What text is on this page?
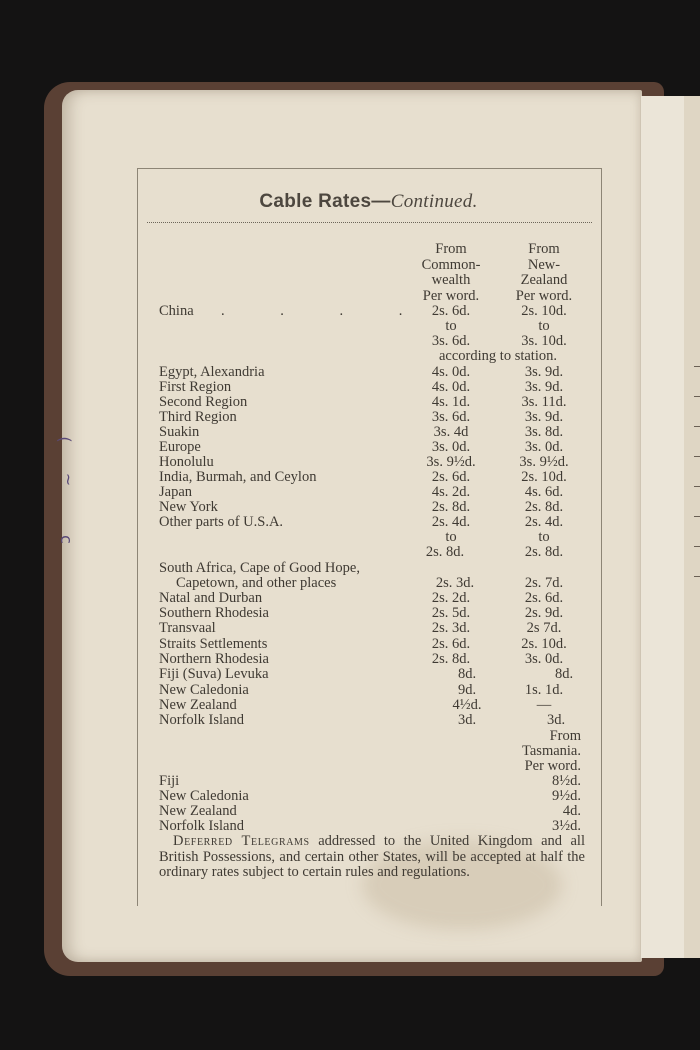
(
~
c
Cable Rates—Continued.
From	From
Common-	New-
wealth	Zealand
Per word.	Per word.
China . . . . 2s. 6d.	2s. 10d.
to	to
3s. 6d.	3s. 10d.
according to station.
Egypt, Alexandria	4s. 0d.	3s. 9d.
First Region	4s. 0d.	3s. 9d.
Second Region	4s. 1d.	3s. 11d.
Third Region	3s. 6d.	3s. 9d.
Suakin	3s. 4d	3s. 8d.
Europe	3s. 0d.	3s. 0d.
Honolulu	3s. 9½d.	3s. 9½d.
India, Burmah, and Ceylon	2s. 6d.	2s. 10d.
Japan	4s. 2d.	4s. 6d.
New York	2s. 8d.	2s. 8d.
Other parts of U.S.A.	2s. 4d.	2s. 4d.
to	to
2s. 8d.	2s. 8d.
South Africa, Cape of Good Hope,
Capetown, and other places	2s. 3d.	2s. 7d.
Natal and Durban	2s. 2d.	2s. 6d.
Southern Rhodesia	2s. 5d.	2s. 9d.
Transvaal	2s. 3d.	2s 7d.
Straits Settlements	2s. 6d.	2s. 10d.
Northern Rhodesia	2s. 8d.	3s. 0d.
Fiji (Suva) Levuka	8d.	8d.
New Caledonia	9d.	1s. 1d.
New Zealand	4½d.	—
Norfolk Island	3d.	3d.
From
Tasmania.
Per word.
Fiji	8½d.
New Caledonia	9½d.
New Zealand	4d.
Norfolk Island	3½d.
Deferred Telegrams addressed to the United Kingdom and all British Possessions, and certain other States, will be accepted at half the ordinary rates subject to certain rules and regulations.
